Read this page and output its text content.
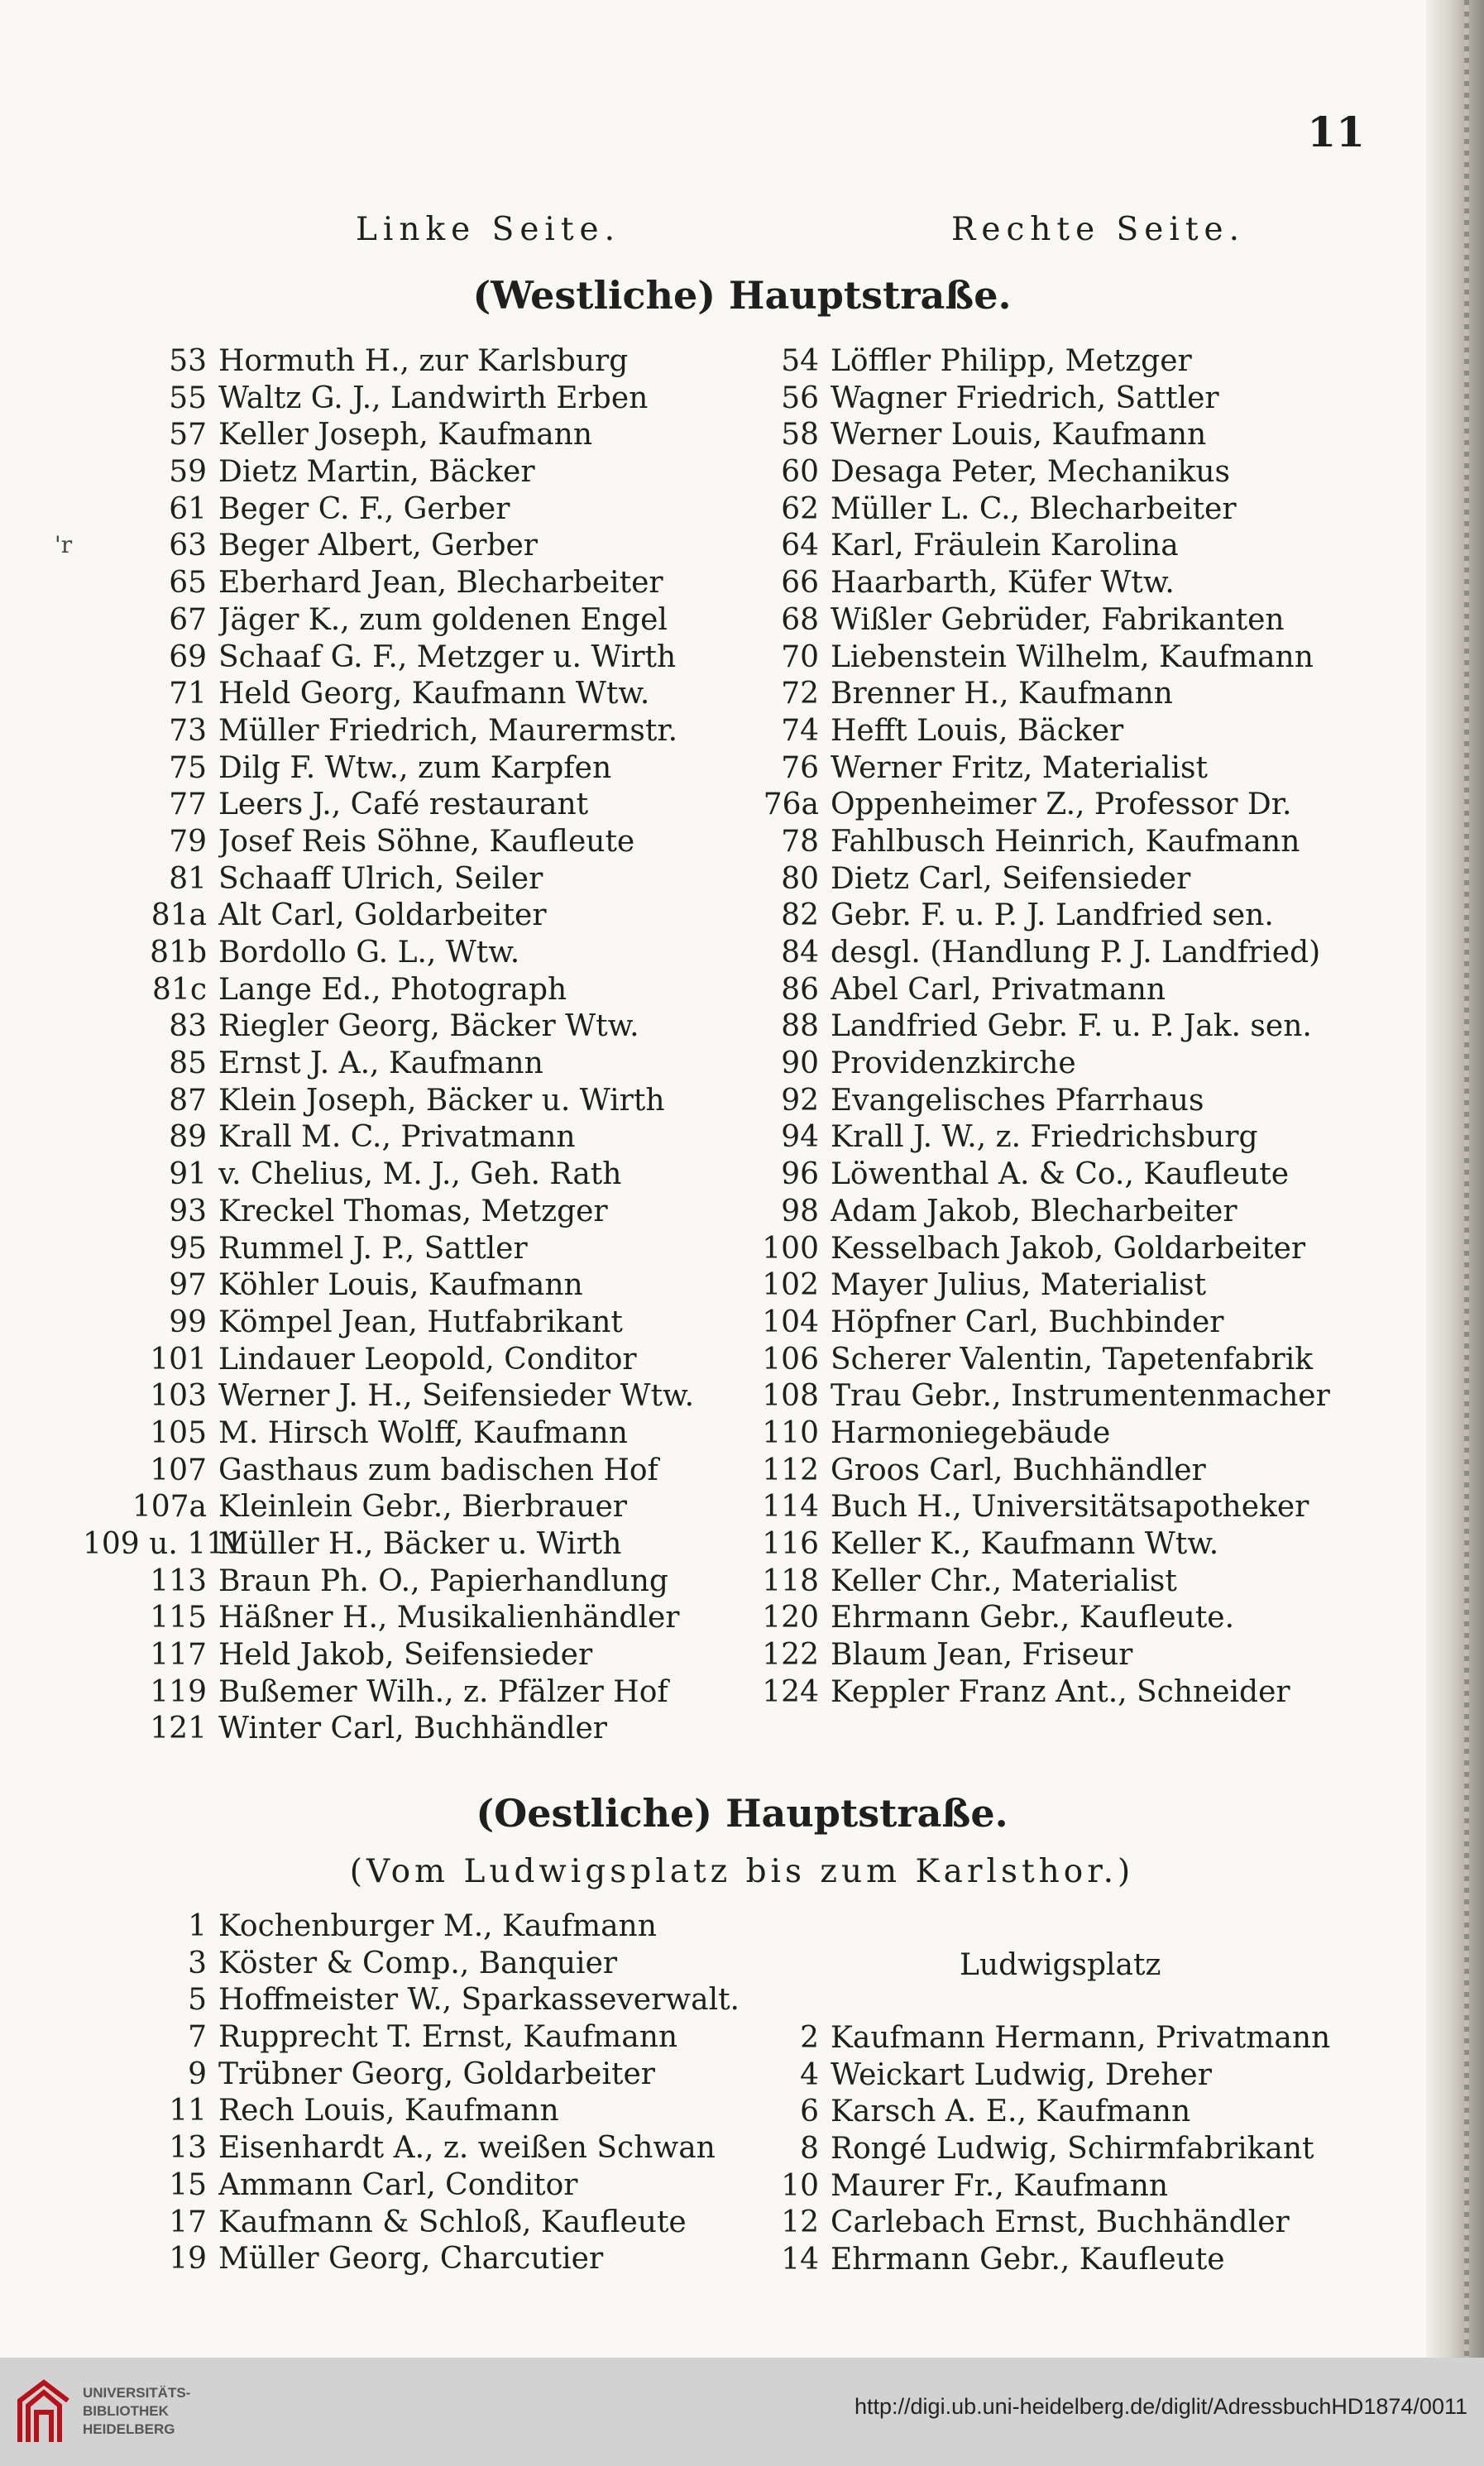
'r
11
Linke Seite.	Rechte Seite.
(Westliche) Hauptstraße.
53 Hormuth H., zur Karlsburg
55 Waltz G. J., Landwirth Erben
57 Keller Joseph, Kaufmann
59 Dietz Martin, Bäcker
61 Beger C. F., Gerber
63 Beger Albert, Gerber
65 Eberhard Jean, Blecharbeiter
67 Jäger K., zum goldenen Engel
69 Schaaf G. F., Metzger u. Wirth
71 Held Georg, Kaufmann Wtw.
73 Müller Friedrich, Maurermstr.
75 Dilg F. Wtw., zum Karpfen
77 Leers J., Café restaurant
79 Josef Reis Söhne, Kaufleute
81 Schaaff Ulrich, Seiler
81a Alt Carl, Goldarbeiter
81b Bordollo G. L., Wtw.
81c Lange Ed., Photograph
83 Riegler Georg, Bäcker Wtw.
85 Ernst J. A., Kaufmann
87 Klein Joseph, Bäcker u. Wirth
89 Krall M. C., Privatmann
91 v. Chelius, M. J., Geh. Rath
93 Kreckel Thomas, Metzger
95 Rummel J. P., Sattler
97 Köhler Louis, Kaufmann
99 Kömpel Jean, Hutfabrikant
101 Lindauer Leopold, Conditor
103 Werner J. H., Seifensieder Wtw.
105 M. Hirsch Wolff, Kaufmann
107 Gasthaus zum badischen Hof
107a Kleinlein Gebr., Bierbrauer
109 u. 111
Müller H., Bäcker u. Wirth
113 Braun Ph. O., Papierhandlung
115 Häßner H., Musikalienhändler
117 Held Jakob, Seifensieder
119 Bußemer Wilh., z. Pfälzer Hof
121 Winter Carl, Buchhändler
54 Löffler Philipp, Metzger
56 Wagner Friedrich, Sattler
58 Werner Louis, Kaufmann
60 Desaga Peter, Mechanikus
62 Müller L. C., Blecharbeiter
64 Karl, Fräulein Karolina
66 Haarbarth, Küfer Wtw.
68 Wißler Gebrüder, Fabrikanten
70 Liebenstein Wilhelm, Kaufmann
72 Brenner H., Kaufmann
74 Hefft Louis, Bäcker
76 Werner Fritz, Materialist
76a Oppenheimer Z., Professor Dr.
78 Fahlbusch Heinrich, Kaufmann
80 Dietz Carl, Seifensieder
82 Gebr. F. u. P. J. Landfried sen.
84 desgl. (Handlung P. J. Landfried)
86 Abel Carl, Privatmann
88 Landfried Gebr. F. u. P. Jak. sen.
90 Providenzkirche
92 Evangelisches Pfarrhaus
94 Krall J. W., z. Friedrichsburg
96 Löwenthal A. & Co., Kaufleute
98 Adam Jakob, Blecharbeiter
100 Kesselbach Jakob, Goldarbeiter
102 Mayer Julius, Materialist
104 Höpfner Carl, Buchbinder
106 Scherer Valentin, Tapetenfabrik
108 Trau Gebr., Instrumentenmacher
110 Harmoniegebäude
112 Groos Carl, Buchhändler
114 Buch H., Universitätsapotheker
116 Keller K., Kaufmann Wtw.
118 Keller Chr., Materialist
120 Ehrmann Gebr., Kaufleute.
122 Blaum Jean, Friseur
124 Keppler Franz Ant., Schneider
(Oestliche) Hauptstraße.
(Vom Ludwigsplatz bis zum Karlsthor.)
1 Kochenburger M., Kaufmann
3 Köster & Comp., Banquier
5 Hoffmeister W., Sparkasseverwalt.
7 Rupprecht T. Ernst, Kaufmann
9 Trübner Georg, Goldarbeiter
11 Rech Louis, Kaufmann
13 Eisenhardt A., z. weißen Schwan
15 Ammann Carl, Conditor
17 Kaufmann & Schloß, Kaufleute
19 Müller Georg, Charcutier
Ludwigsplatz
2 Kaufmann Hermann, Privatmann
4 Weickart Ludwig, Dreher
6 Karsch A. E., Kaufmann
8 Rongé Ludwig, Schirmfabrikant
10 Maurer Fr., Kaufmann
12 Carlebach Ernst, Buchhändler
14 Ehrmann Gebr., Kaufleute

UNIVERSITÄTS-
BIBLIOTHEK
HEIDELBERG

http://digi.ub.uni-heidelberg.de/diglit/AdressbuchHD1874/0011
